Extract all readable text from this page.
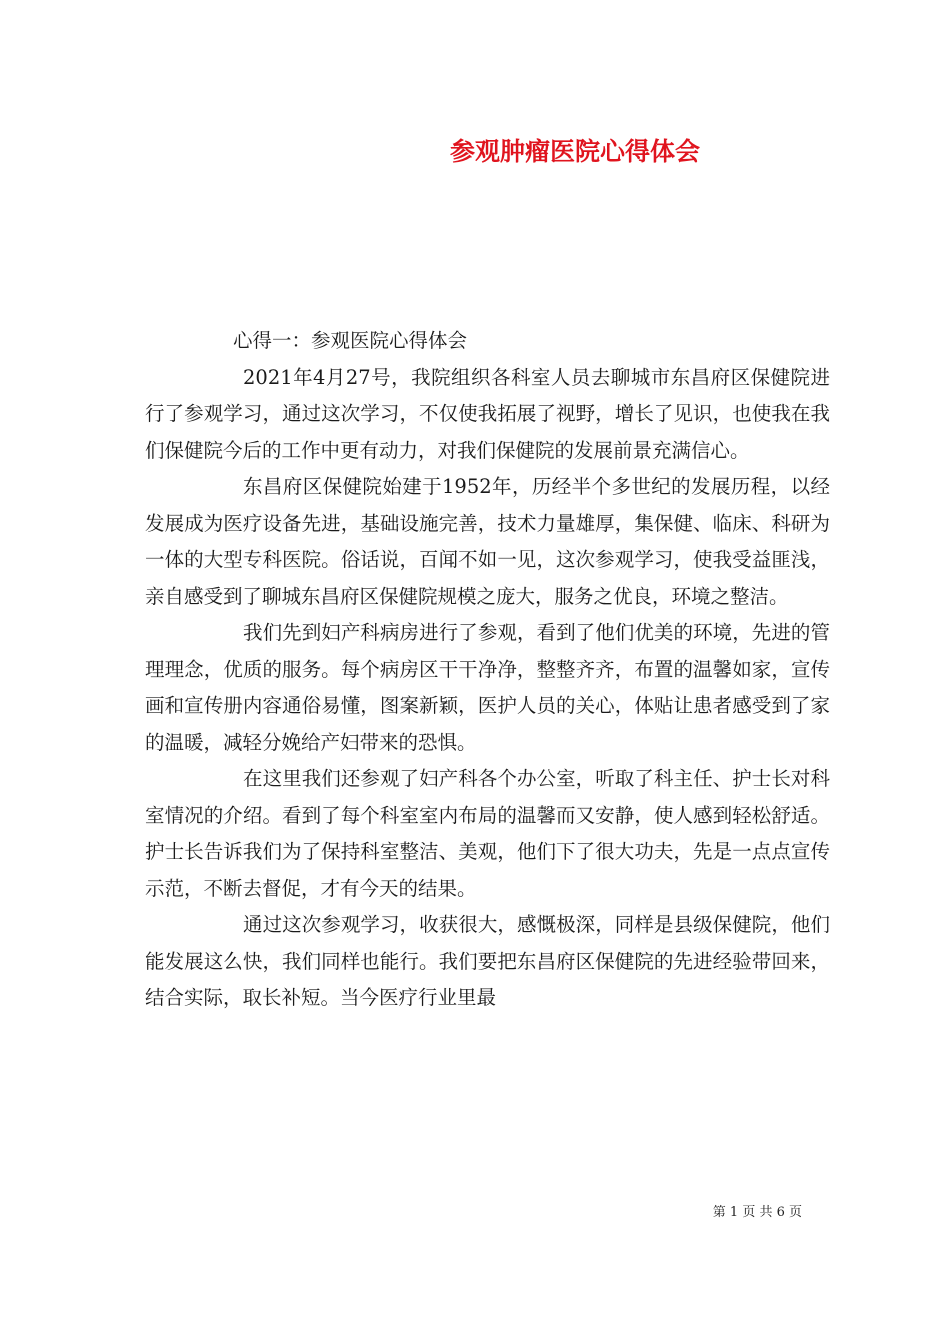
参观肿瘤医院心得体会

心得一：参观医院心得体会

2021年4月27号，我院组织各科室人员去聊城市东昌府区保健院进行了参观学习，通过这次学习，不仅使我拓展了视野，增长了见识，也使我在我们保健院今后的工作中更有动力，对我们保健院的发展前景充满信心。

东昌府区保健院始建于1952年，历经半个多世纪的发展历程，以经发展成为医疗设备先进，基础设施完善，技术力量雄厚，集保健、临床、科研为一体的大型专科医院。俗话说，百闻不如一见，这次参观学习，使我受益匪浅，亲自感受到了聊城东昌府区保健院规模之庞大，服务之优良，环境之整洁。

我们先到妇产科病房进行了参观，看到了他们优美的环境，先进的管理理念，优质的服务。每个病房区干干净净，整整齐齐，布置的温馨如家，宣传画和宣传册内容通俗易懂，图案新颖，医护人员的关心，体贴让患者感受到了家的温暖，减轻分娩给产妇带来的恐惧。

在这里我们还参观了妇产科各个办公室，听取了科主任、护士长对科室情况的介绍。看到了每个科室室内布局的温馨而又安静，使人感到轻松舒适。护士长告诉我们为了保持科室整洁、美观，他们下了很大功夫，先是一点点宣传示范，不断去督促，才有今天的结果。

通过这次参观学习，收获很大，感慨极深，同样是县级保健院，他们能发展这么快，我们同样也能行。我们要把东昌府区保健院的先进经验带回来，结合实际，取长补短。当今医疗行业里最

第 1 页 共 6 页
